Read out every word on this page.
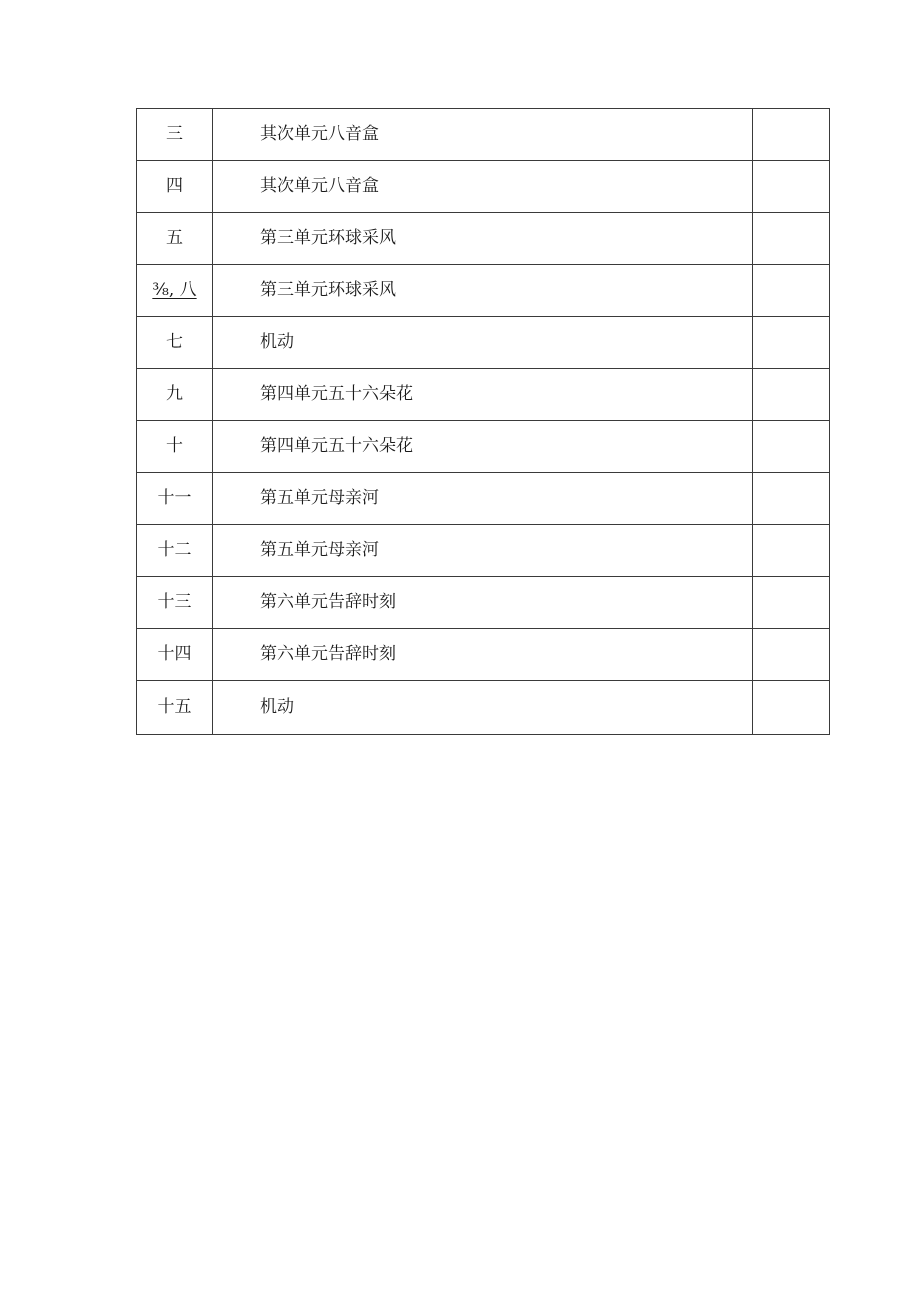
三	其次单元八音盒	
四	其次单元八音盒	
五	第三单元环球采风	
⅜, 八	第三单元环球采风	
七	机动	
九	第四单元五十六朵花	
十	第四单元五十六朵花	
十一	第五单元母亲河	
十二	第五单元母亲河	
十三	第六单元告辞时刻	
十四	第六单元告辞时刻	
十五	机动	
